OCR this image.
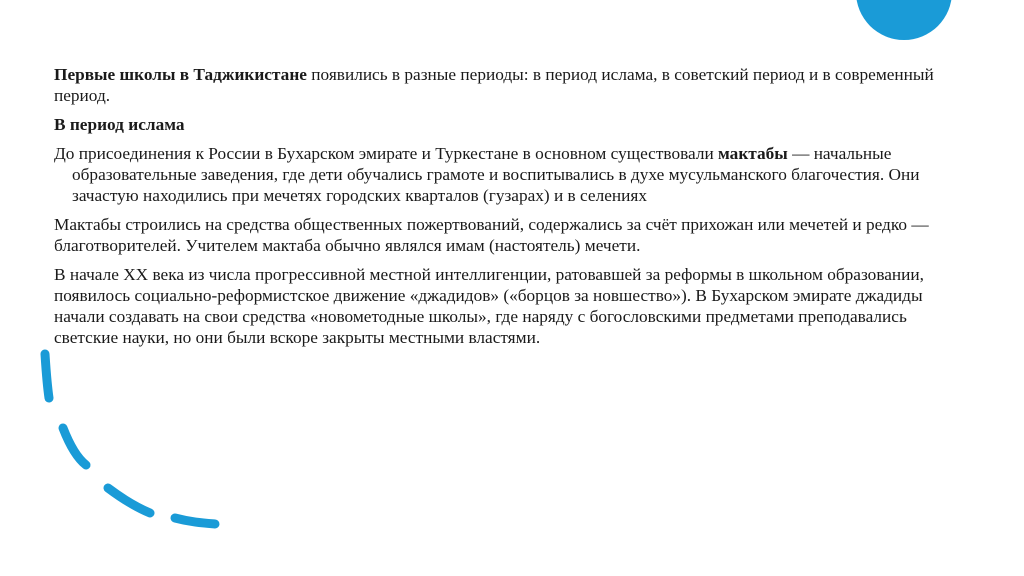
Первые школы в Таджикистане появились в разные периоды: в период ислама, в советский период и в современный период.

В период ислама

До присоединения к России в Бухарском эмирате и Туркестане в основном существовали мактабы — начальные образовательные заведения, где дети обучались грамоте и воспитывались в духе мусульманского благочестия. Они зачастую находились при мечетях городских кварталов (гузарах) и в селениях

Мактабы строились на средства общественных пожертвований, содержались за счёт прихожан или мечетей и редко — благотворителей. Учителем мактаба обычно являлся имам (настоятель) мечети.

В начале XX века из числа прогрессивной местной интеллигенции, ратовавшей за реформы в школьном образовании, появилось социально-реформистское движение «джадидов» («борцов за новшество»). В Бухарском эмирате джадиды начали создавать на свои средства «новометодные школы», где наряду с богословскими предметами преподавались светские науки, но они были вскоре закрыты местными властями.
